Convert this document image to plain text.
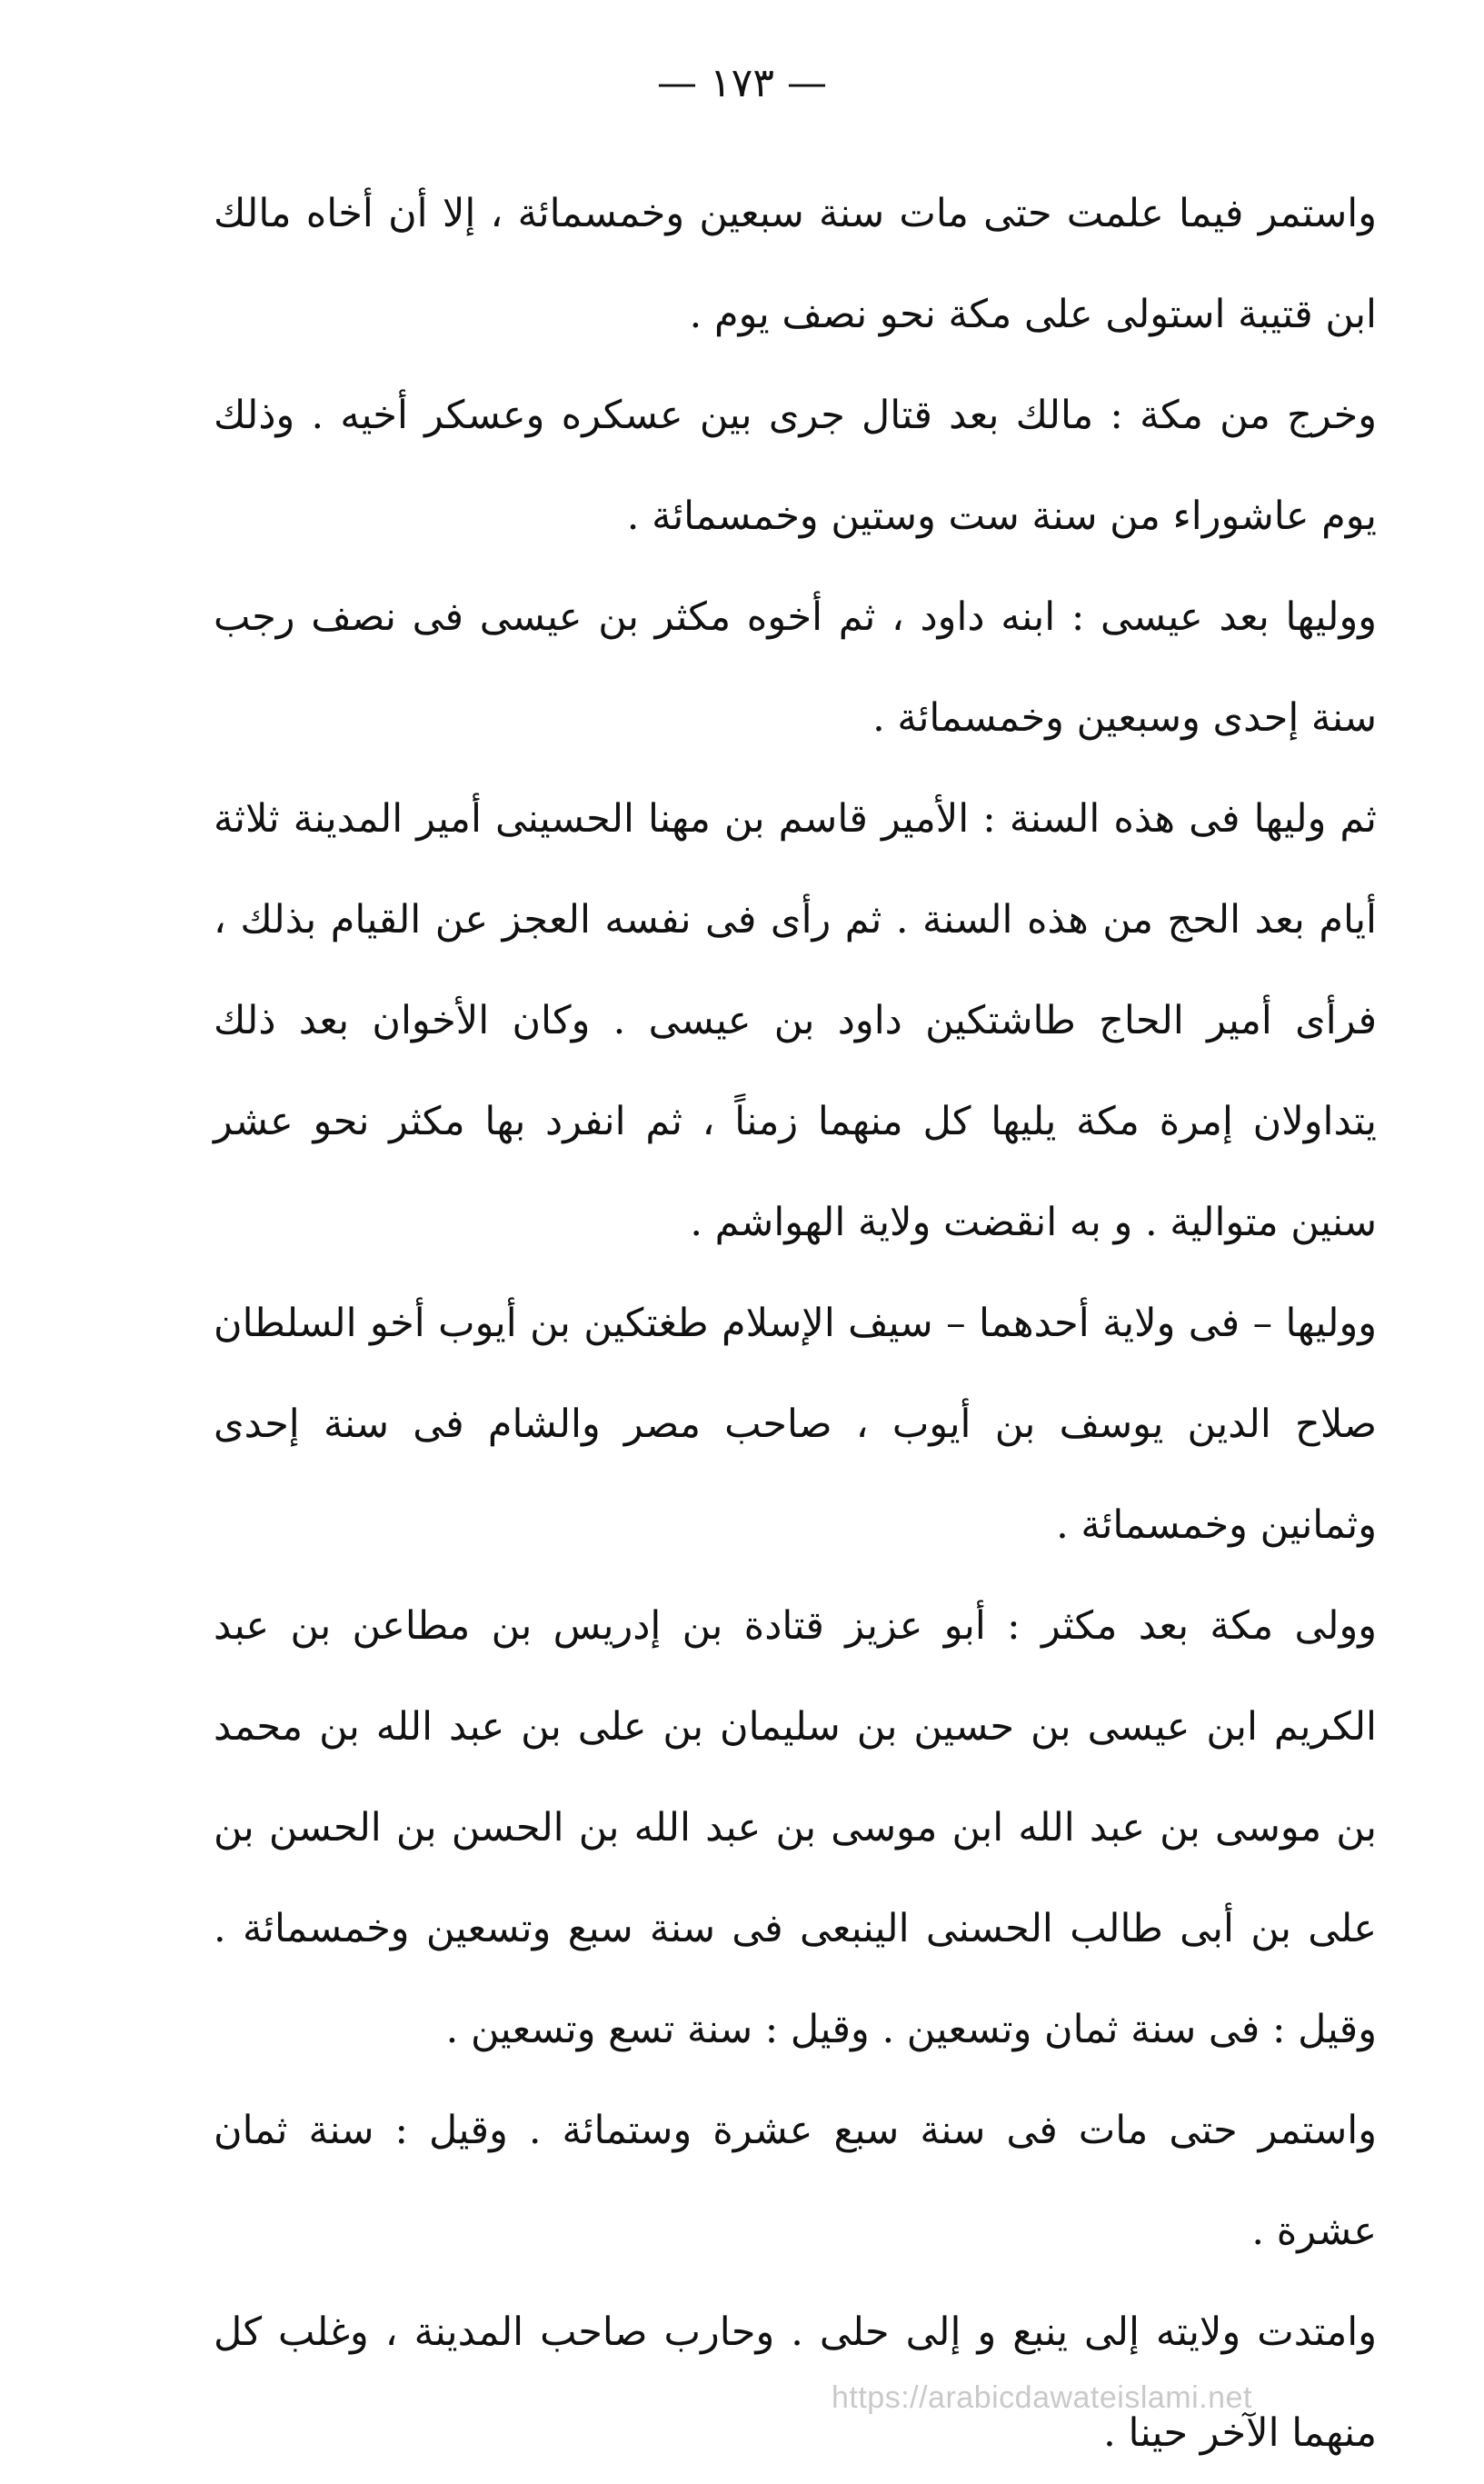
— ١٧٣ —

واستمر فيما علمت حتى مات سنة سبعين وخمسمائة ، إلا أن أخاه مالك ابن قتيبة استولى على مكة نحو نصف يوم .

وخرج من مكة : مالك بعد قتال جرى بين عسكره وعسكر أخيه . وذلك يوم عاشوراء من سنة ست وستين وخمسمائة .

ووليها بعد عيسى : ابنه داود ، ثم أخوه مكثر بن عيسى فى نصف رجب سنة إحدى وسبعين وخمسمائة .

ثم وليها فى هذه السنة : الأمير قاسم بن مهنا الحسينى أمير المدينة ثلاثة أيام بعد الحج من هذه السنة . ثم رأى فى نفسه العجز عن القيام بذلك ، فرأى أمير الحاج طاشتكين داود بن عيسى . وكان الأخوان بعد ذلك يتداولان إمرة مكة يليها كل منهما زمناً ، ثم انفرد بها مكثر نحو عشر سنين متوالية . و به انقضت ولاية الهواشم .

ووليها – فى ولاية أحدهما – سيف الإسلام طغتكين بن أيوب أخو السلطان صلاح الدين يوسف بن أيوب ، صاحب مصر والشام فى سنة إحدى وثمانين وخمسمائة .

وولى مكة بعد مكثر : أبو عزيز قتادة بن إدريس بن مطاعن بن عبد الكريم ابن عيسى بن حسين بن سليمان بن على بن عبد الله بن محمد بن موسى بن عبد الله ابن موسى بن عبد الله بن الحسن بن الحسن بن على بن أبى طالب الحسنى الينبعى فى سنة سبع وتسعين وخمسمائة . وقيل : فى سنة ثمان وتسعين . وقيل : سنة تسع وتسعين .

واستمر حتى مات فى سنة سبع عشرة وستمائة . وقيل : سنة ثمان عشرة .

وامتدت ولايته إلى ينبع و إلى حلى . وحارب صاحب المدينة ، وغلب كل منهما الآخر حينا .

https://arabicdawateislami.net
